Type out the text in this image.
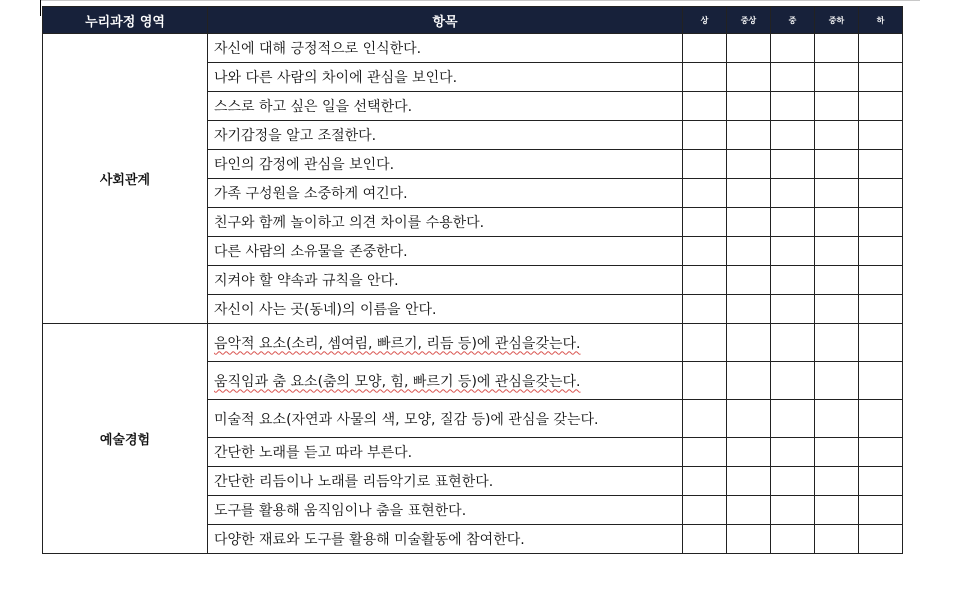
누리과정 영역	항목	상	중상	중	중하	하
사회관계	자신에 대해 긍정적으로 인식한다.					
	나와 다른 사람의 차이에 관심을 보인다.					
	스스로 하고 싶은 일을 선택한다.					
	자기감정을 알고 조절한다.					
	타인의 감정에 관심을 보인다.					
	가족 구성원을 소중하게 여긴다.					
	친구와 함께 놀이하고 의견 차이를 수용한다.					
	다른 사람의 소유물을 존중한다.					
	지켜야 할 약속과 규칙을 안다.					
	자신이 사는 곳(동네)의 이름을 안다.					
예술경험	음악적 요소(소리, 셈여림, 빠르기, 리듬 등)에 관심을갖는다.					
	움직임과 춤 요소(춤의 모양, 힘, 빠르기 등)에 관심을갖는다.					
	미술적 요소(자연과 사물의 색, 모양, 질감 등)에 관심을 갖는다.					
	간단한 노래를 듣고 따라 부른다.					
	간단한 리듬이나 노래를 리듬악기로 표현한다.					
	도구를 활용해 움직임이나 춤을 표현한다.					
	다양한 재료와 도구를 활용해 미술활동에 참여한다.					
